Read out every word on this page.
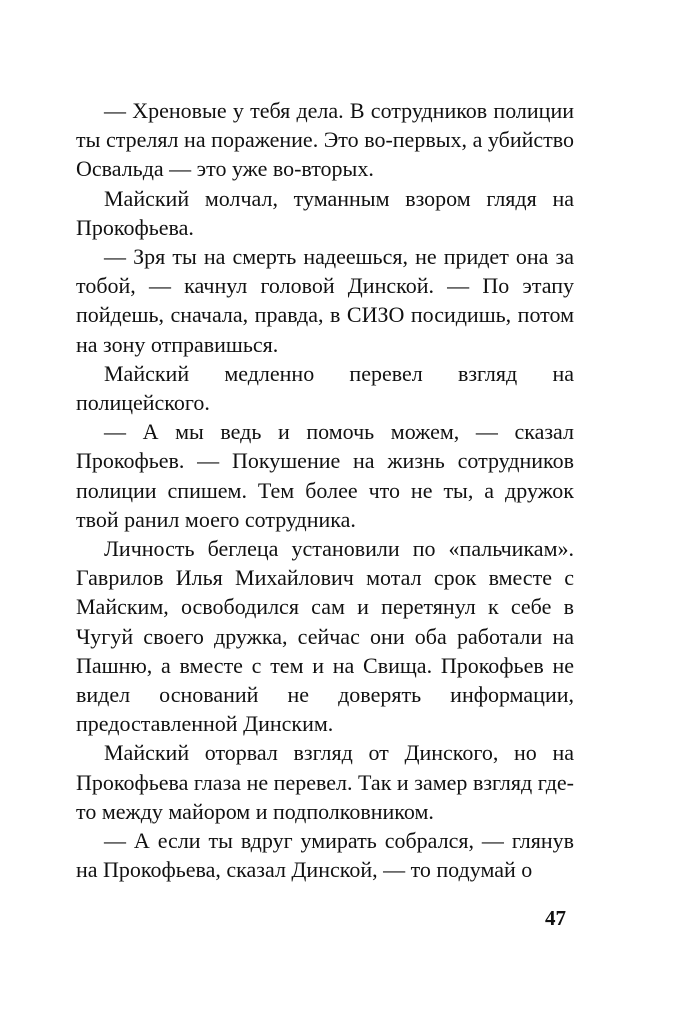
— Хреновые у тебя дела. В сотрудников полиции ты стрелял на поражение. Это во-первых, а убийство Освальда — это уже во-вторых.

Майский молчал, туманным взором глядя на Прокофьева.

— Зря ты на смерть надеешься, не придет она за тобой, — качнул головой Динской. — По этапу пойдешь, сначала, правда, в СИЗО посидишь, потом на зону отправишься.

Майский медленно перевел взгляд на полицейского.

— А мы ведь и помочь можем, — сказал Прокофьев. — Покушение на жизнь сотрудников полиции спишем. Тем более что не ты, а дружок твой ранил моего сотрудника.

Личность беглеца установили по «пальчикам». Гаврилов Илья Михайлович мотал срок вместе с Майским, освободился сам и перетянул к себе в Чугуй своего дружка, сейчас они оба работали на Пашню, а вместе с тем и на Свища. Прокофьев не видел оснований не доверять информации, предоставленной Динским.

Майский оторвал взгляд от Динского, но на Прокофьева глаза не перевел. Так и замер взгляд где-то между майором и подполковником.

— А если ты вдруг умирать собрался, — глянув на Прокофьева, сказал Динской, — то подумай о

47
